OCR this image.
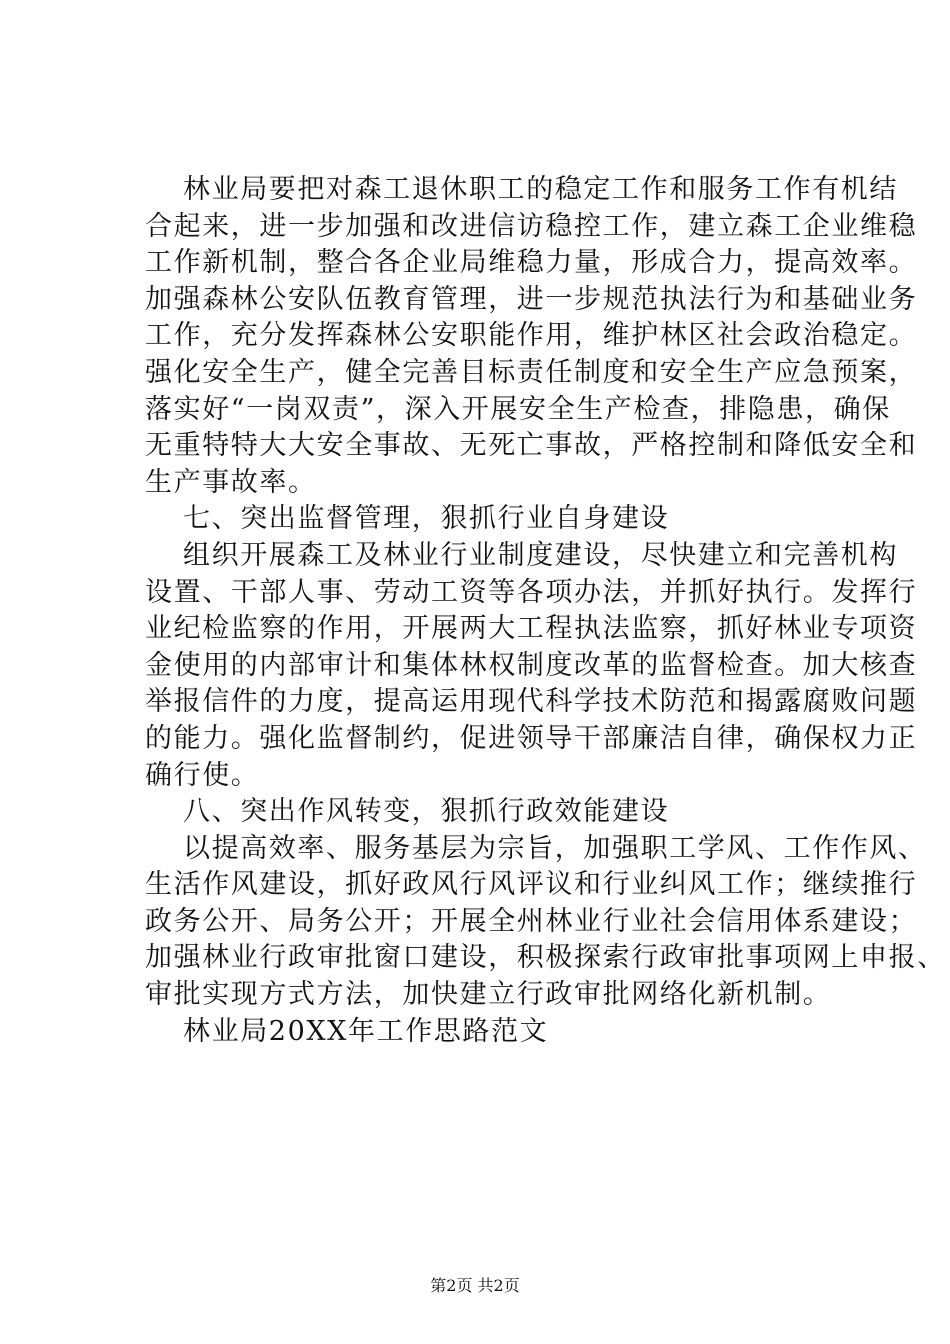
林业局要把对森工退休职工的稳定工作和服务工作有机结
合起来，进一步加强和改进信访稳控工作，建立森工企业维稳
工作新机制，整合各企业局维稳力量，形成合力，提高效率。
加强森林公安队伍教育管理，进一步规范执法行为和基础业务
工作，充分发挥森林公安职能作用，维护林区社会政治稳定。
强化安全生产，健全完善目标责任制度和安全生产应急预案，
落实好“一岗双责”，深入开展安全生产检查，排隐患，确保
无重特特大大安全事故、无死亡事故，严格控制和降低安全和
生产事故率。
七、突出监督管理，狠抓行业自身建设
组织开展森工及林业行业制度建设，尽快建立和完善机构
设置、干部人事、劳动工资等各项办法，并抓好执行。发挥行
业纪检监察的作用，开展两大工程执法监察，抓好林业专项资
金使用的内部审计和集体林权制度改革的监督检查。加大核查
举报信件的力度，提高运用现代科学技术防范和揭露腐败问题
的能力。强化监督制约，促进领导干部廉洁自律，确保权力正
确行使。
八、突出作风转变，狠抓行政效能建设
以提高效率、服务基层为宗旨，加强职工学风、工作作风、
生活作风建设，抓好政风行风评议和行业纠风工作；继续推行
政务公开、局务公开；开展全州林业行业社会信用体系建设；
加强林业行政审批窗口建设，积极探索行政审批事项网上申报、
审批实现方式方法，加快建立行政审批网络化新机制。
林业局20XX年工作思路范文
第2页 共2页
